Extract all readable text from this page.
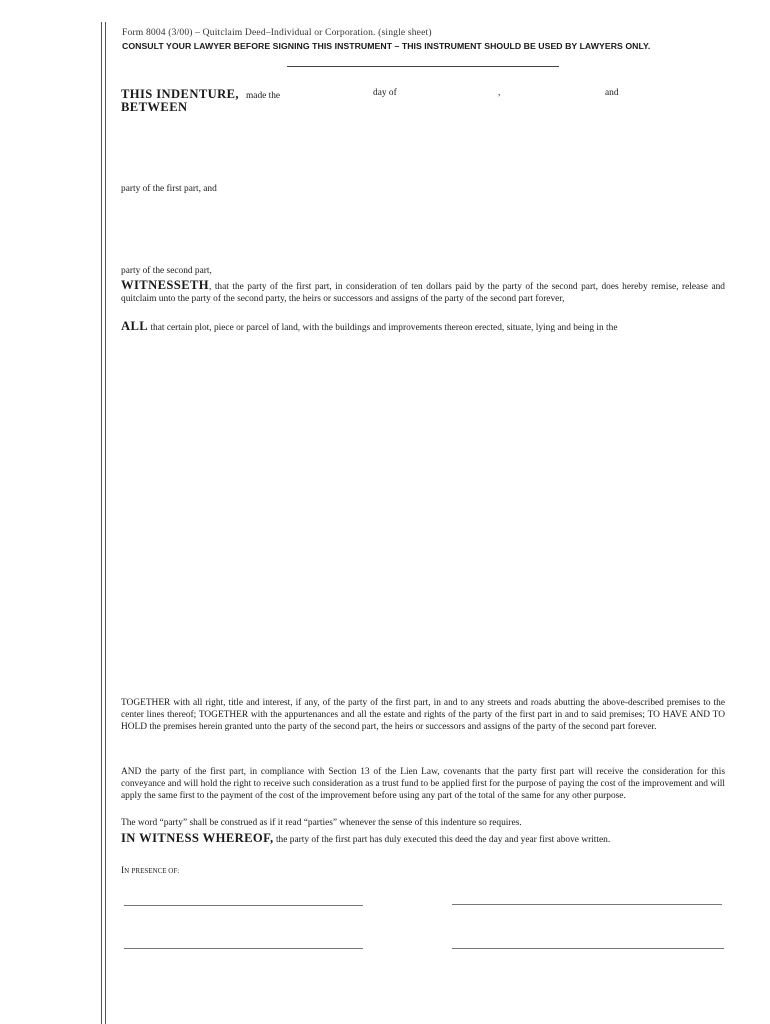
Form 8004 (3/00) – Quitclaim Deed–Individual or Corporation. (single sheet)
CONSULT YOUR LAWYER BEFORE SIGNING THIS INSTRUMENT – THIS INSTRUMENT SHOULD BE USED BY LAWYERS ONLY.
THIS INDENTURE, made the	day of	,	and
BETWEEN
party of the first part, and
party of the second part,
WITNESSETH, that the party of the first part, in consideration of ten dollars paid by the party of the second part, does hereby remise, release and quitclaim unto the party of the second party, the heirs or successors and assigns of the party of the second part forever,
ALL that certain plot, piece or parcel of land, with the buildings and improvements thereon erected, situate, lying and being in the
TOGETHER with all right, title and interest, if any, of the party of the first part, in and to any streets and roads abutting the above-described premises to the center lines thereof; TOGETHER with the appurtenances and all the estate and rights of the party of the first part in and to said premises; TO HAVE AND TO HOLD the premises herein granted unto the party of the second part, the heirs or successors and assigns of the party of the second part forever.
AND the party of the first part, in compliance with Section 13 of the Lien Law, covenants that the party first part will receive the consideration for this conveyance and will hold the right to receive such consideration as a trust fund to be applied first for the purpose of paying the cost of the improvement and will apply the same first to the payment of the cost of the improvement before using any part of the total of the same for any other purpose.
The word “party” shall be construed as if it read “parties” whenever the sense of this indenture so requires.
IN WITNESS WHEREOF, the party of the first part has duly executed this deed the day and year first above written.
IN PRESENCE OF:
